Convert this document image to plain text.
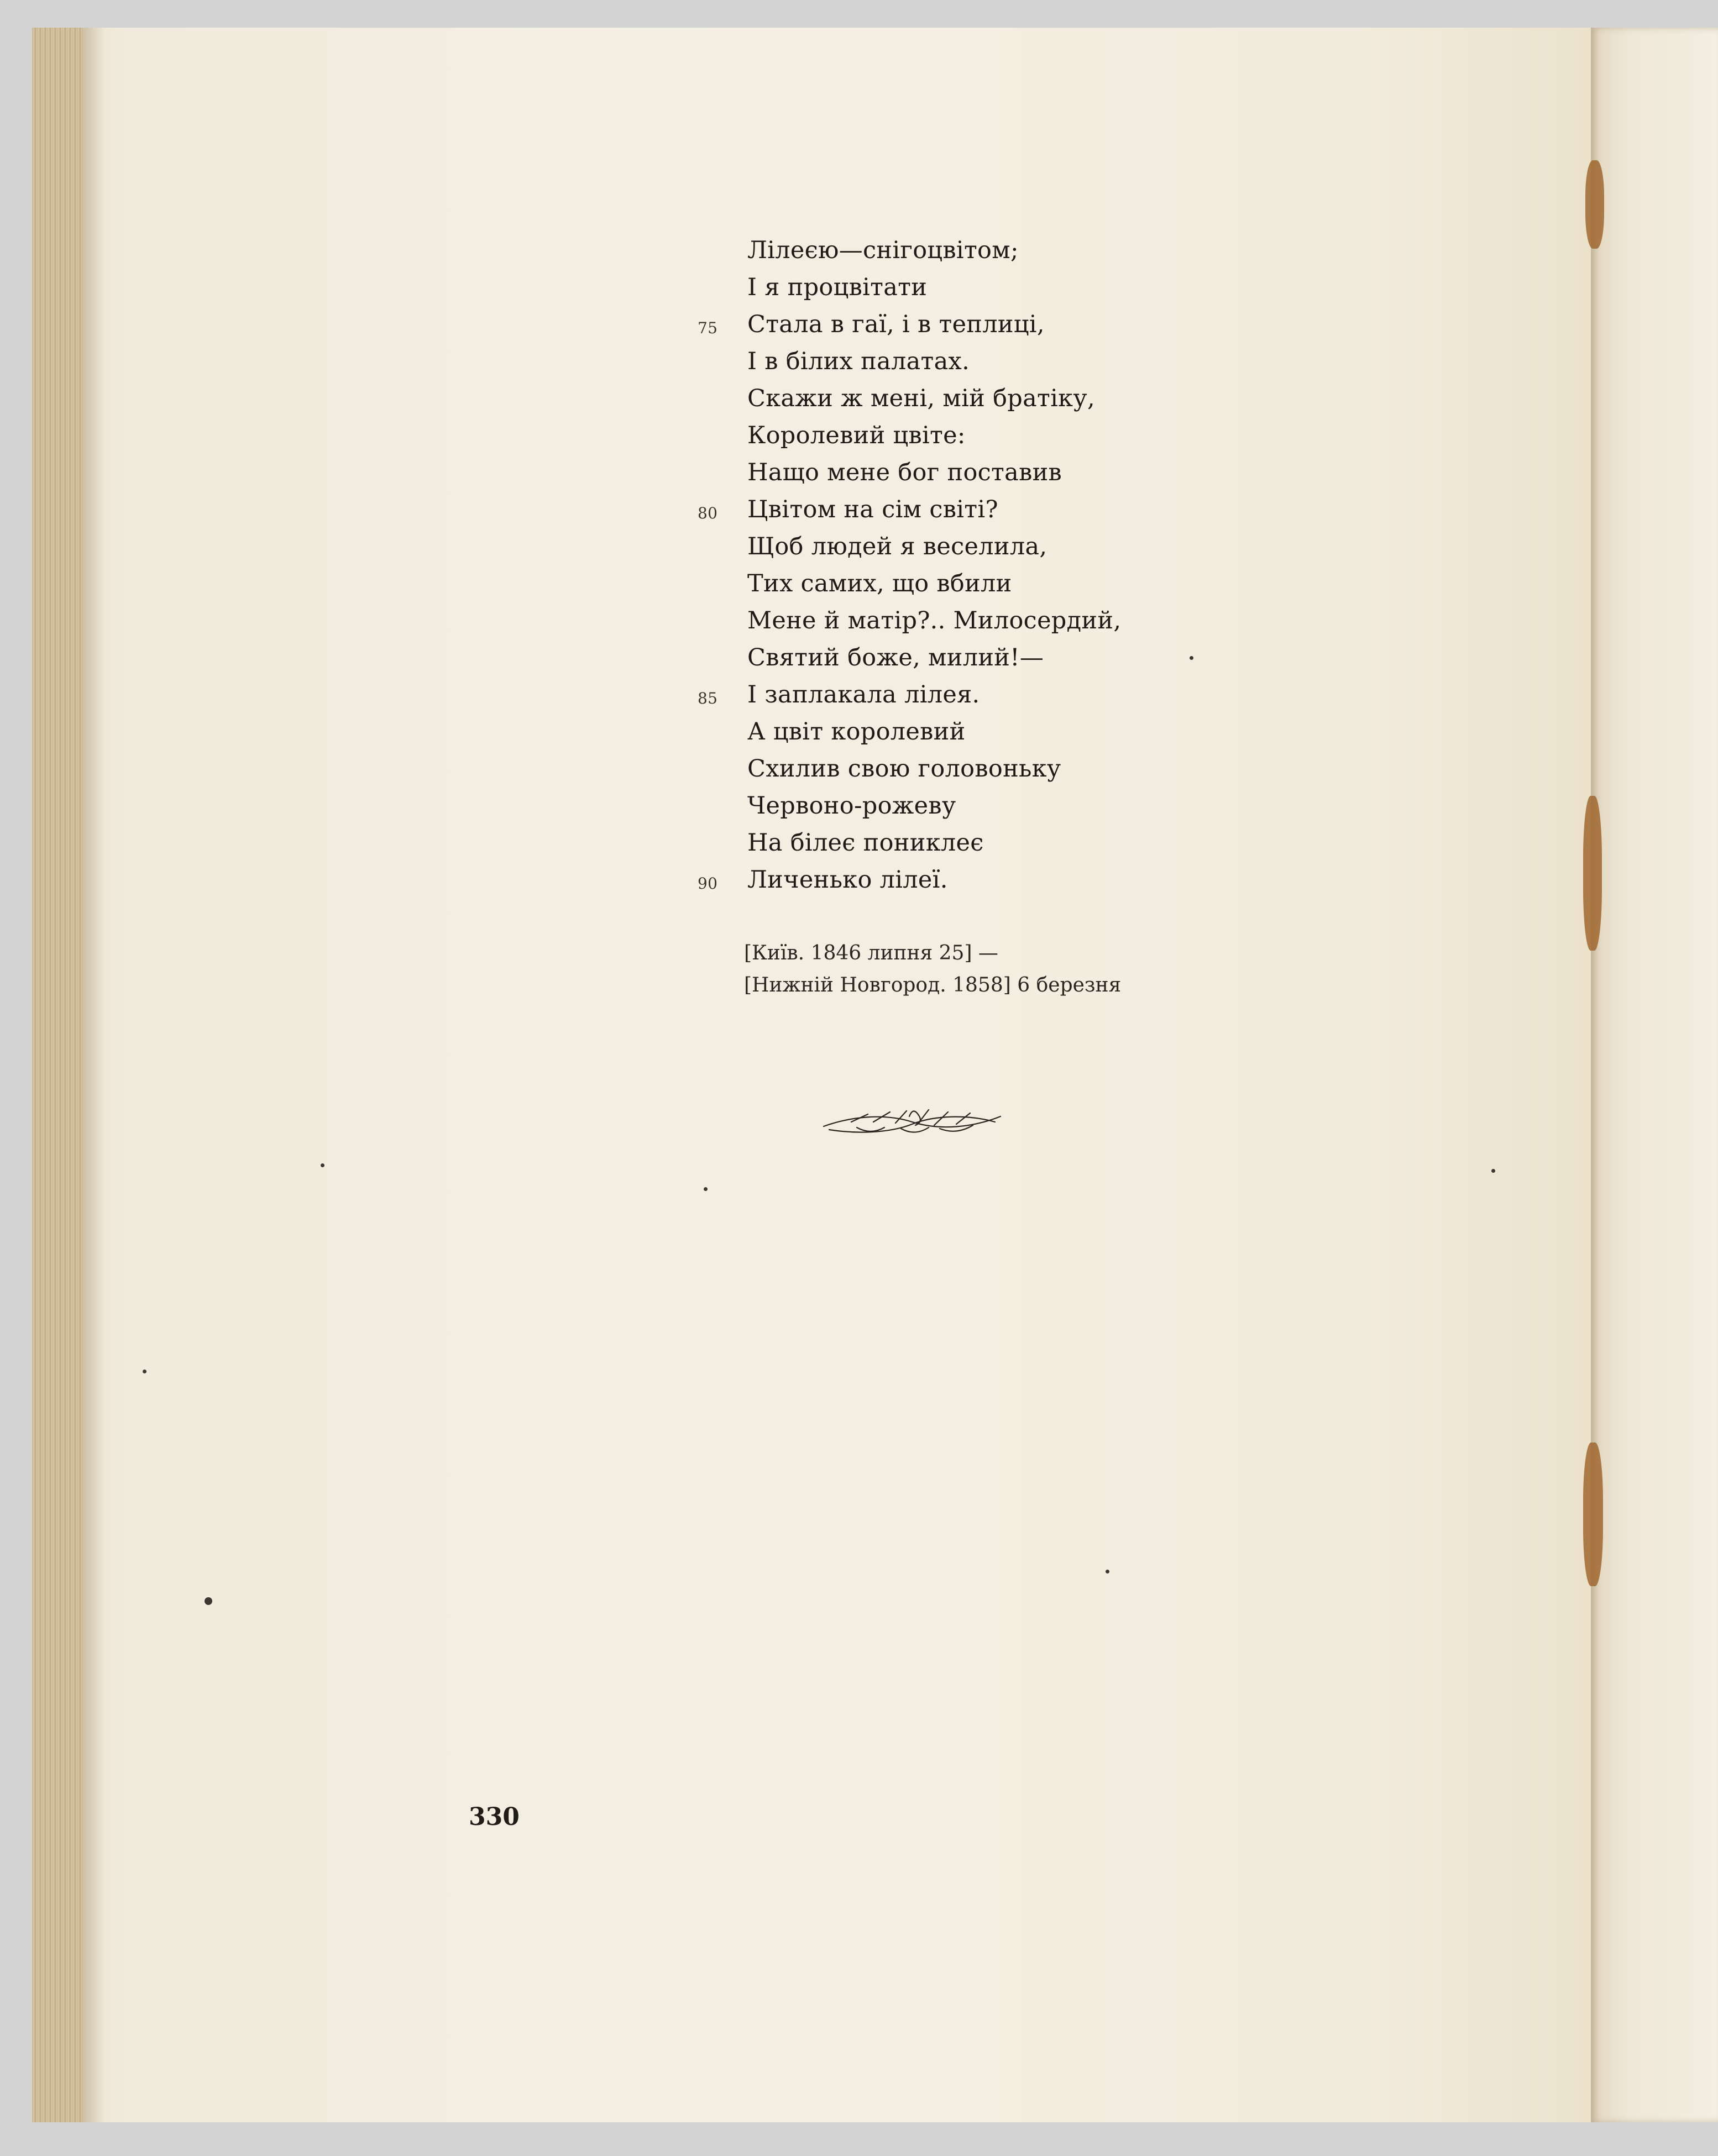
Лілеєю—снігоцвітом;
І я процвітати
75 Стала в гаї, і в теплиці,
І в білих палатах.
Скажи ж мені, мій братіку,
Королевий цвіте:
Нащо мене бог поставив
80 Цвітом на сім світі?
Щоб людей я веселила,
Тих самих, що вбили
Мене й матір?.. Милосердий,
Святий боже, милий!—
85 І заплакала лілея.
А цвіт королевий
Схилив свою головоньку
Червоно-рожеву
На білеє пониклеє
90 Личенько лілеї.
[Київ. 1846 липня 25] —
[Нижній Новгород. 1858] 6 березня
330
